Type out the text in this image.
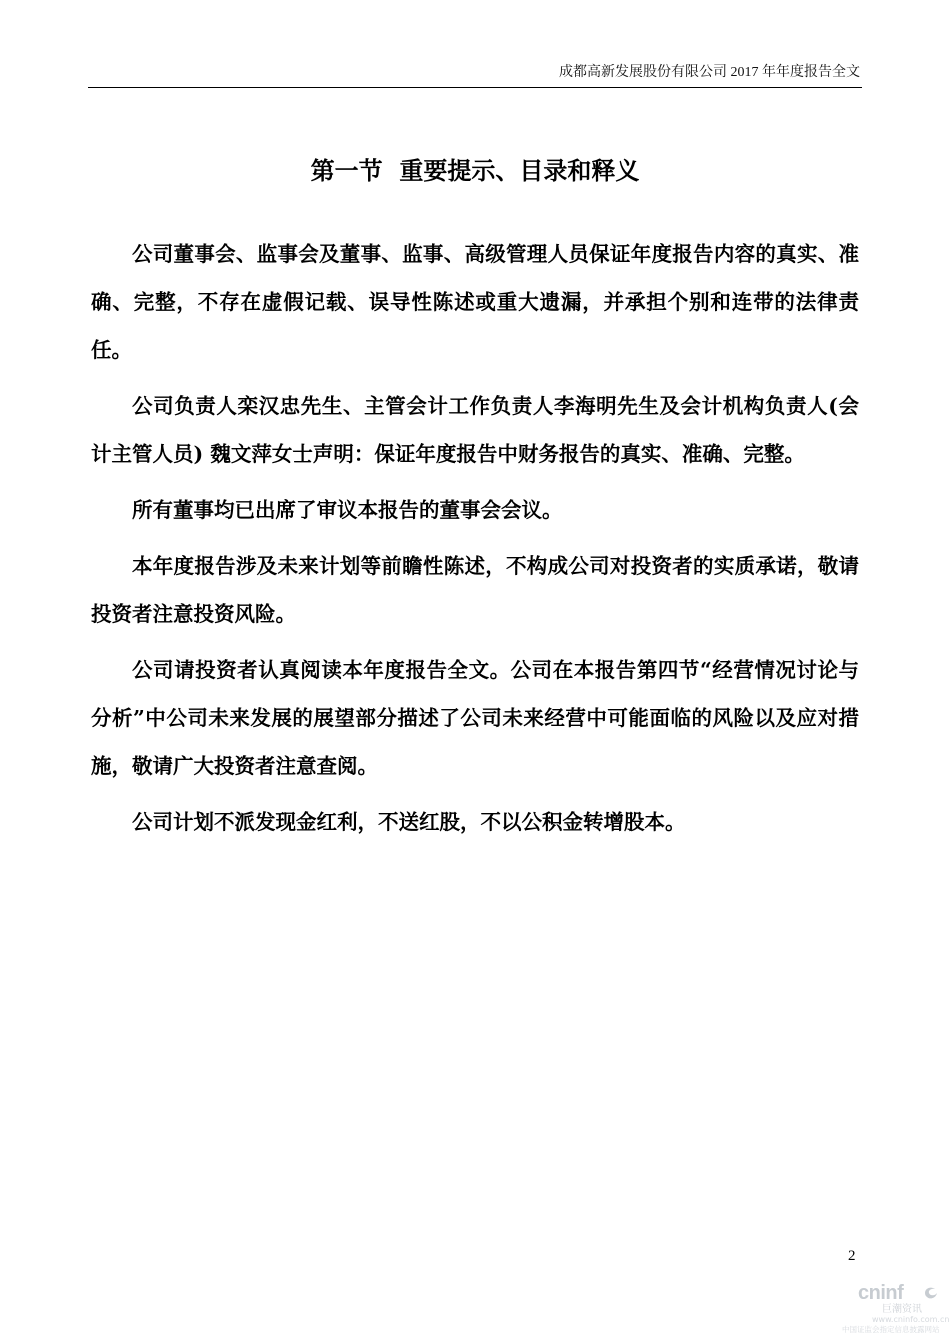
成都高新发展股份有限公司 2017 年年度报告全文
第一节  重要提示、目录和释义

公司董事会、监事会及董事、监事、高级管理人员保证年度报告内容的真实、准确、完整，不存在虚假记载、误导性陈述或重大遗漏，并承担个别和连带的法律责任。

公司负责人栾汉忠先生、主管会计工作负责人李海明先生及会计机构负责人(会计主管人员) 魏文萍女士声明：保证年度报告中财务报告的真实、准确、完整。

所有董事均已出席了审议本报告的董事会会议。

本年度报告涉及未来计划等前瞻性陈述，不构成公司对投资者的实质承诺，敬请投资者注意投资风险。

公司请投资者认真阅读本年度报告全文。公司在本报告第四节“经营情况讨论与分析”中公司未来发展的展望部分描述了公司未来经营中可能面临的风险以及应对措施，敬请广大投资者注意查阅。

公司计划不派发现金红利，不送红股，不以公积金转增股本。

2
cninf
巨潮资讯
www.cninfo.com.cn
中国证监会指定信息披露网站
